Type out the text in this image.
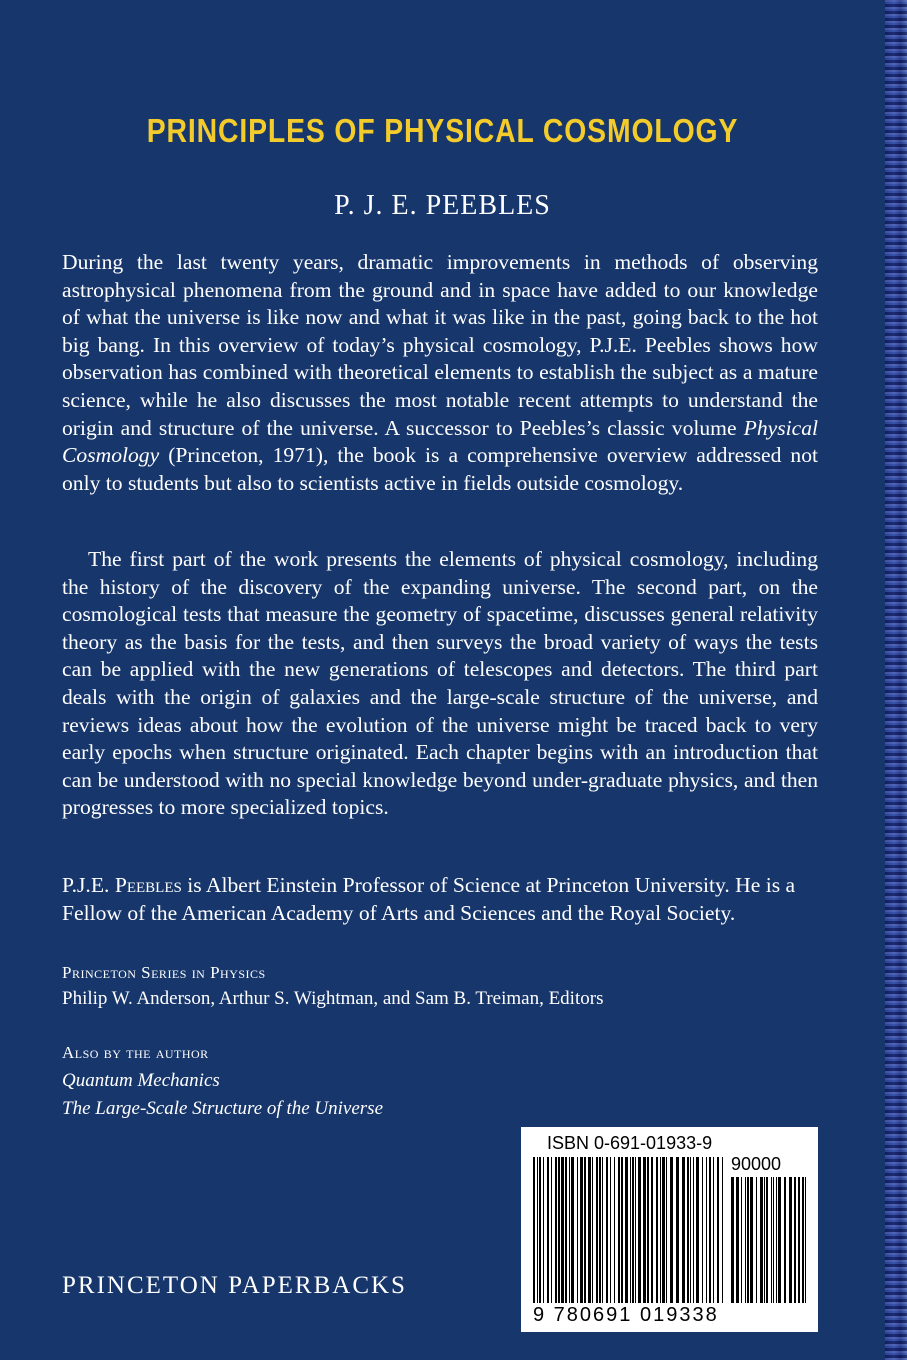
PRINCIPLES OF PHYSICAL COSMOLOGY
P. J. E. PEEBLES

During the last twenty years, dramatic improvements in methods of observing astrophysical phenomena from the ground and in space have added to our knowledge of what the universe is like now and what it was like in the past, going back to the hot big bang. In this overview of today’s physical cosmology, P.J.E. Peebles shows how observation has combined with theoretical elements to establish the subject as a mature science, while he also discusses the most notable recent attempts to understand the origin and structure of the universe. A successor to Peebles’s classic volume Physical Cosmology (Princeton, 1971), the book is a comprehensive overview addressed not only to students but also to scientists active in fields outside cosmology.

The first part of the work presents the elements of physical cosmology, including the history of the discovery of the expanding universe. The second part, on the cosmological tests that measure the geometry of spacetime, discusses general relativity theory as the basis for the tests, and then surveys the broad variety of ways the tests can be applied with the new generations of telescopes and detectors. The third part deals with the origin of galaxies and the large-scale structure of the universe, and reviews ideas about how the evolution of the universe might be traced back to very early epochs when structure originated. Each chapter begins with an introduction that can be understood with no special knowledge beyond under-graduate physics, and then progresses to more specialized topics.

P.J.E. Peebles is Albert Einstein Professor of Science at Princeton University. He is a Fellow of the American Academy of Arts and Sciences and the Royal Society.

Princeton Series in Physics
Philip W. Anderson, Arthur S. Wightman, and Sam B. Treiman, Editors
Also by the author
Quantum Mechanics
The Large-Scale Structure of the Universe
PRINCETON PAPERBACKS
ISBN 0-691-01933-9
90000
9 780691 019338
